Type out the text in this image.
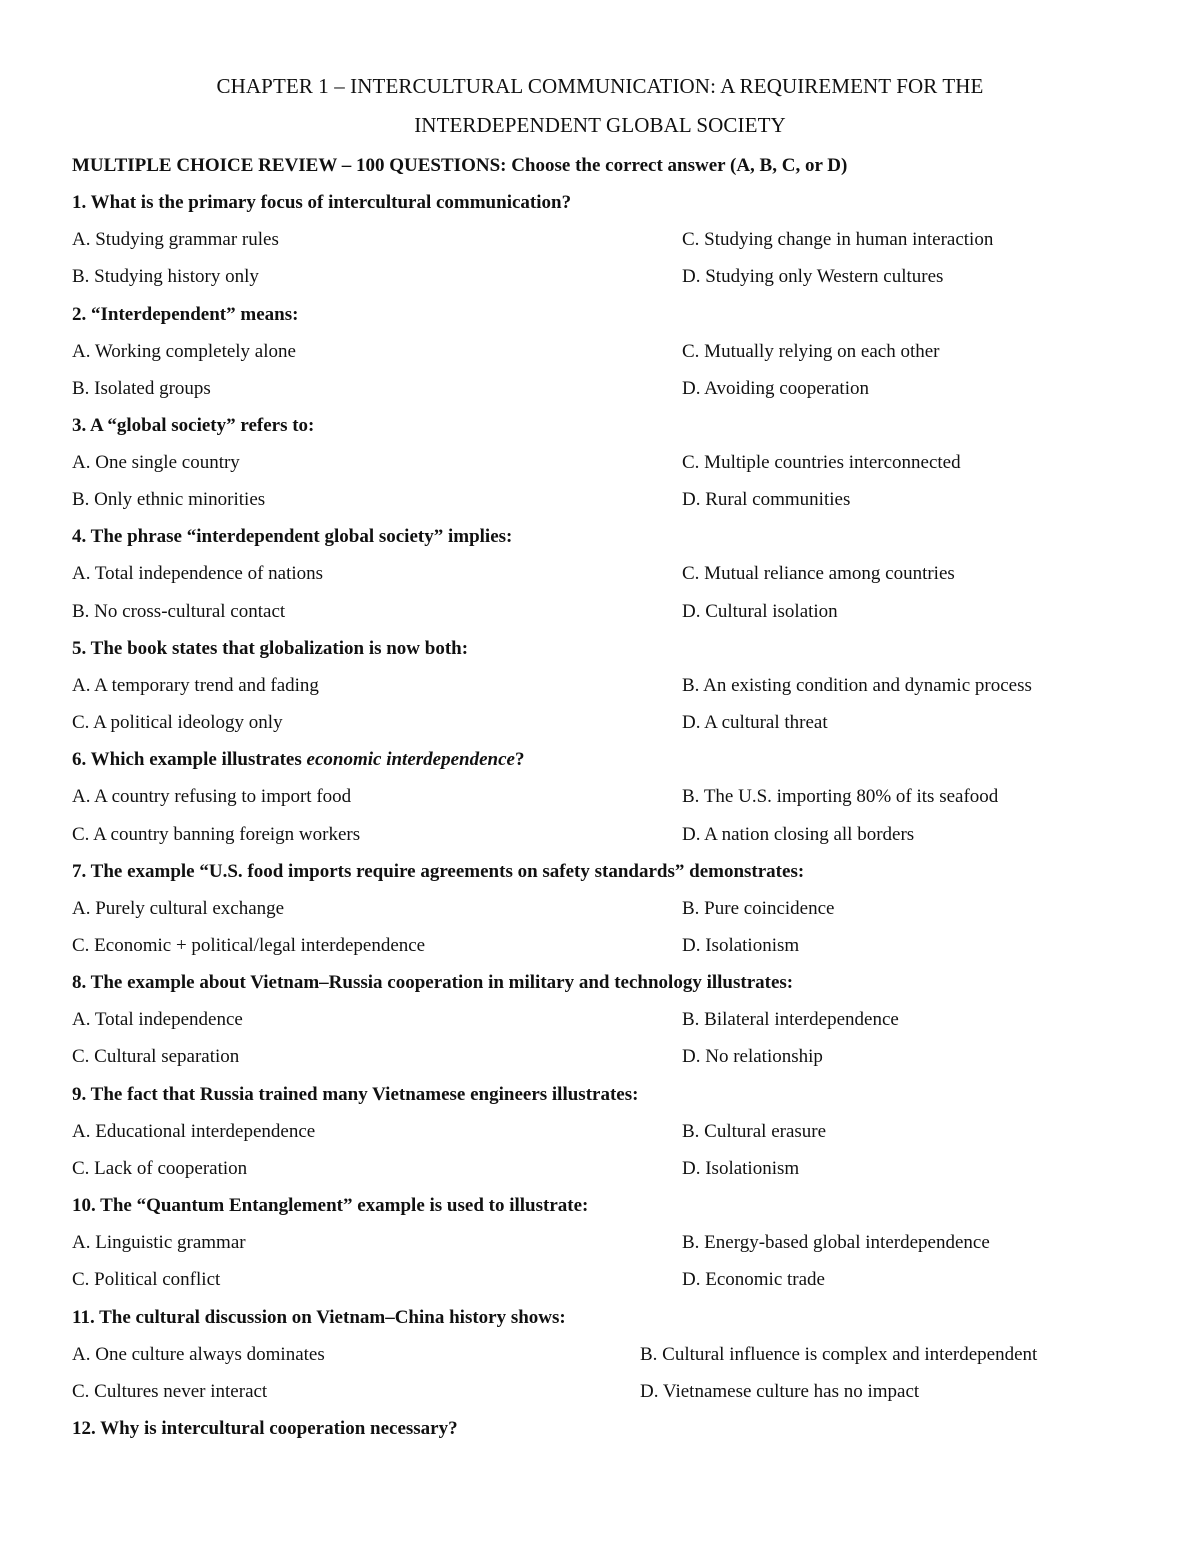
CHAPTER 1 – INTERCULTURAL COMMUNICATION: A REQUIREMENT FOR THE
INTERDEPENDENT GLOBAL SOCIETY
MULTIPLE CHOICE REVIEW – 100 QUESTIONS: Choose the correct answer (A, B, C, or D)
1. What is the primary focus of intercultural communication?
A. Studying grammar rules	C. Studying change in human interaction
B. Studying history only	D. Studying only Western cultures
2. “Interdependent” means:
A. Working completely alone	C. Mutually relying on each other
B. Isolated groups	D. Avoiding cooperation
3. A “global society” refers to:
A. One single country	C. Multiple countries interconnected
B. Only ethnic minorities	D. Rural communities
4. The phrase “interdependent global society” implies:
A. Total independence of nations	C. Mutual reliance among countries
B. No cross-cultural contact	D. Cultural isolation
5. The book states that globalization is now both:
A. A temporary trend and fading	B. An existing condition and dynamic process
C. A political ideology only	D. A cultural threat
6. Which example illustrates economic interdependence?
A. A country refusing to import food	B. The U.S. importing 80% of its seafood
C. A country banning foreign workers	D. A nation closing all borders
7. The example “U.S. food imports require agreements on safety standards” demonstrates:
A. Purely cultural exchange	B. Pure coincidence
C. Economic + political/legal interdependence	D. Isolationism
8. The example about Vietnam–Russia cooperation in military and technology illustrates:
A. Total independence	B. Bilateral interdependence
C. Cultural separation	D. No relationship
9. The fact that Russia trained many Vietnamese engineers illustrates:
A. Educational interdependence	B. Cultural erasure
C. Lack of cooperation	D. Isolationism
10. The “Quantum Entanglement” example is used to illustrate:
A. Linguistic grammar	B. Energy-based global interdependence
C. Political conflict	D. Economic trade
11. The cultural discussion on Vietnam–China history shows:
A. One culture always dominates	B. Cultural influence is complex and interdependent
C. Cultures never interact	D. Vietnamese culture has no impact
12. Why is intercultural cooperation necessary?
